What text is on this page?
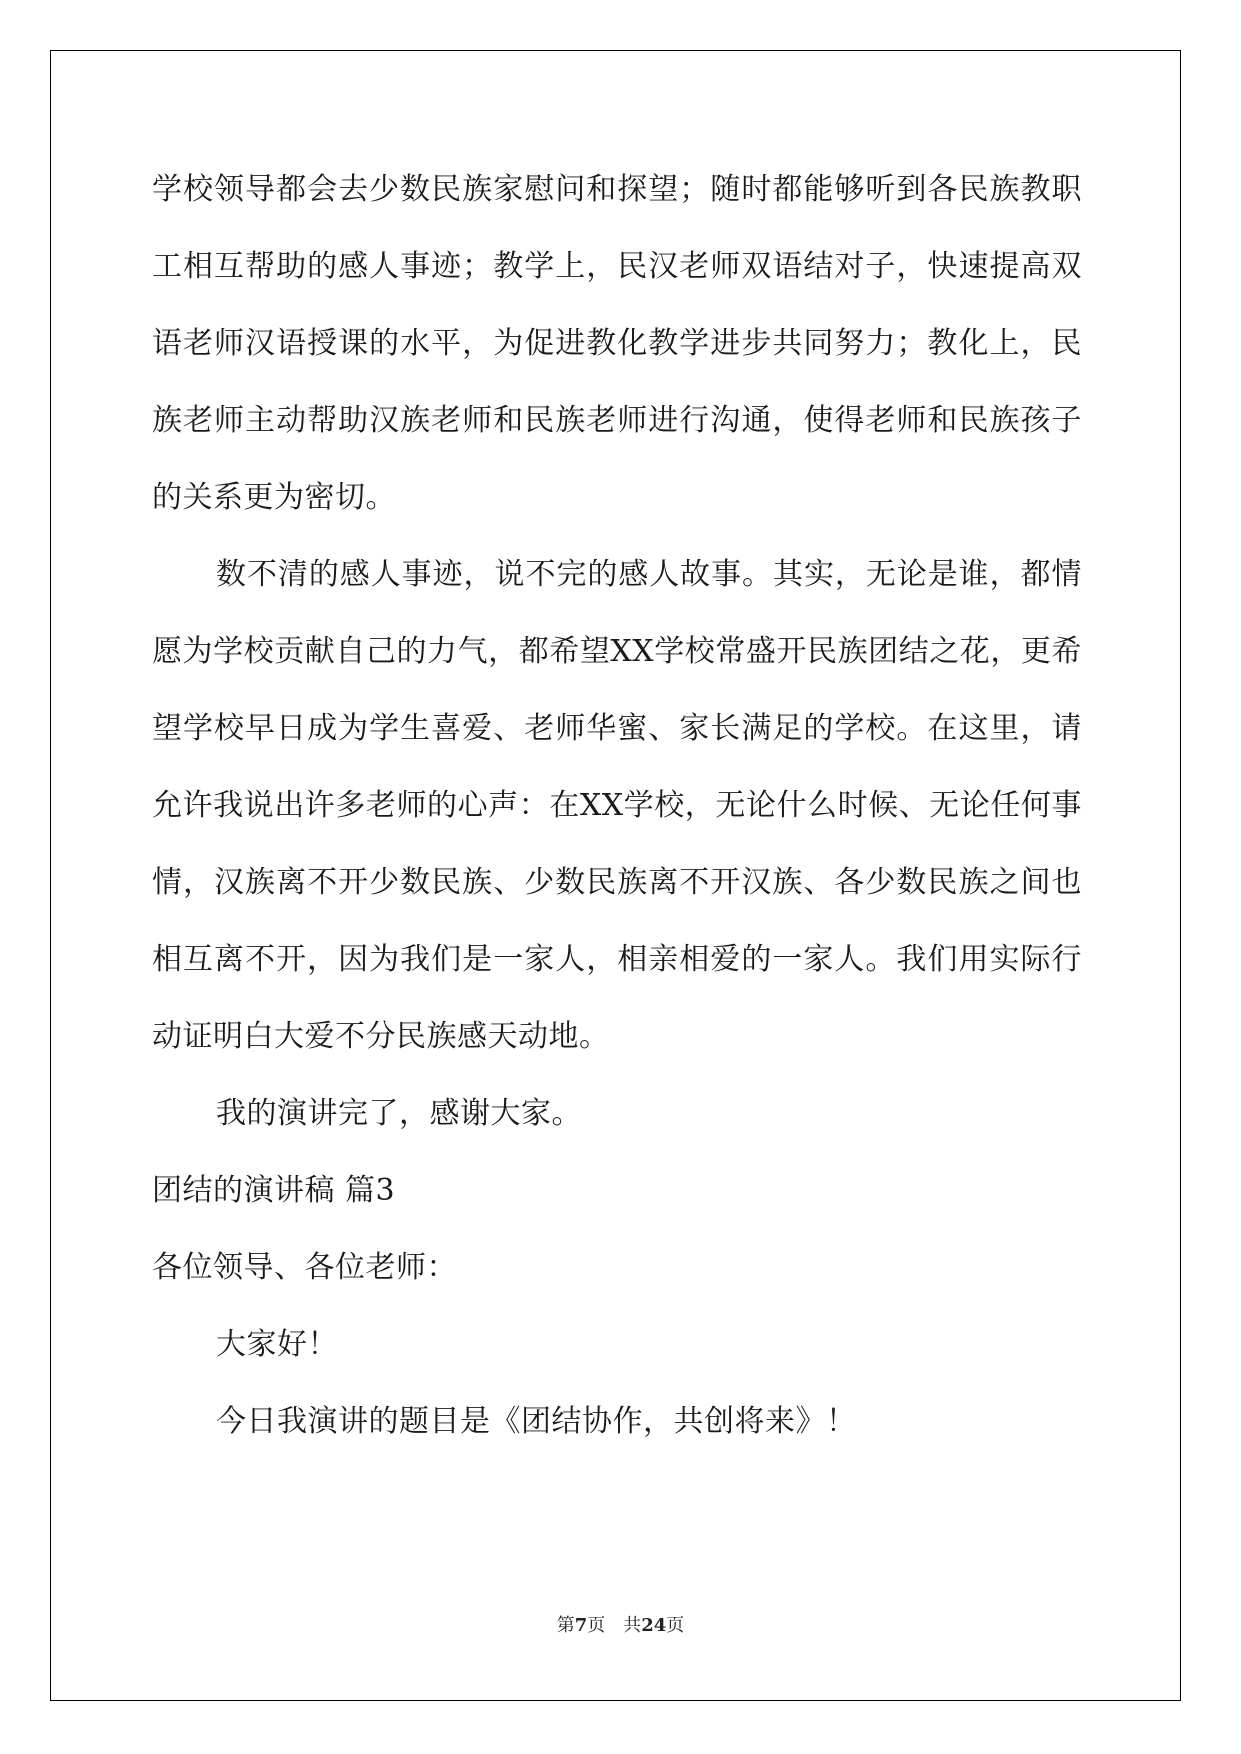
学校领导都会去少数民族家慰问和探望；随时都能够听到各民族教职
工相互帮助的感人事迹；教学上，民汉老师双语结对子，快速提高双
语老师汉语授课的水平，为促进教化教学进步共同努力；教化上，民
族老师主动帮助汉族老师和民族老师进行沟通，使得老师和民族孩子
的关系更为密切。
数不清的感人事迹，说不完的感人故事。其实，无论是谁，都情
愿为学校贡献自己的力气，都希望XX学校常盛开民族团结之花，更希
望学校早日成为学生喜爱、老师华蜜、家长满足的学校。在这里，请
允许我说出许多老师的心声：在XX学校，无论什么时候、无论任何事
情，汉族离不开少数民族、少数民族离不开汉族、各少数民族之间也
相互离不开，因为我们是一家人，相亲相爱的一家人。我们用实际行
动证明白大爱不分民族感天动地。
我的演讲完了，感谢大家。
团结的演讲稿 篇3
各位领导、各位老师：
大家好！
今日我演讲的题目是《团结协作，共创将来》！
第7页　共24页
